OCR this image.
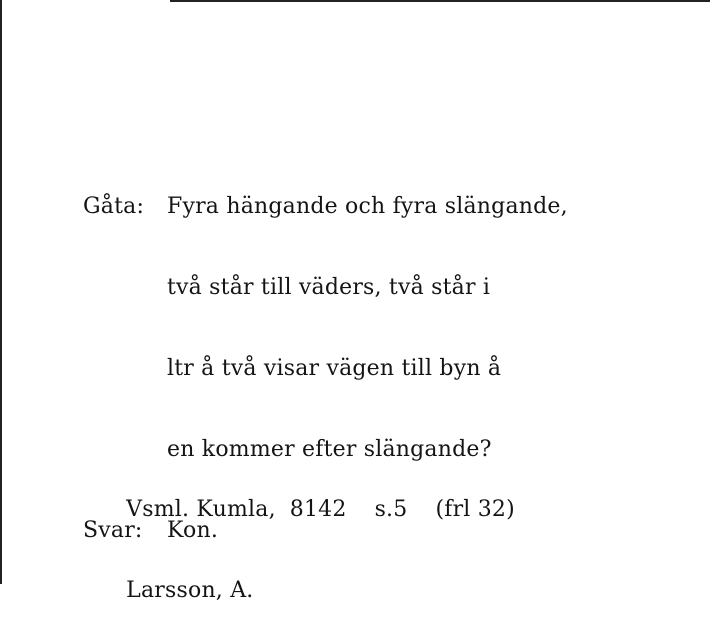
Gåta:	Fyra hängande och fyra slängande,

två står till väders, två står i

ltr å två visar vägen till byn å

en kommer efter slängande?

Svar:	Kon.

Vsml. Kumla, 8142 s.5 (frl 32)

Larsson, A.
